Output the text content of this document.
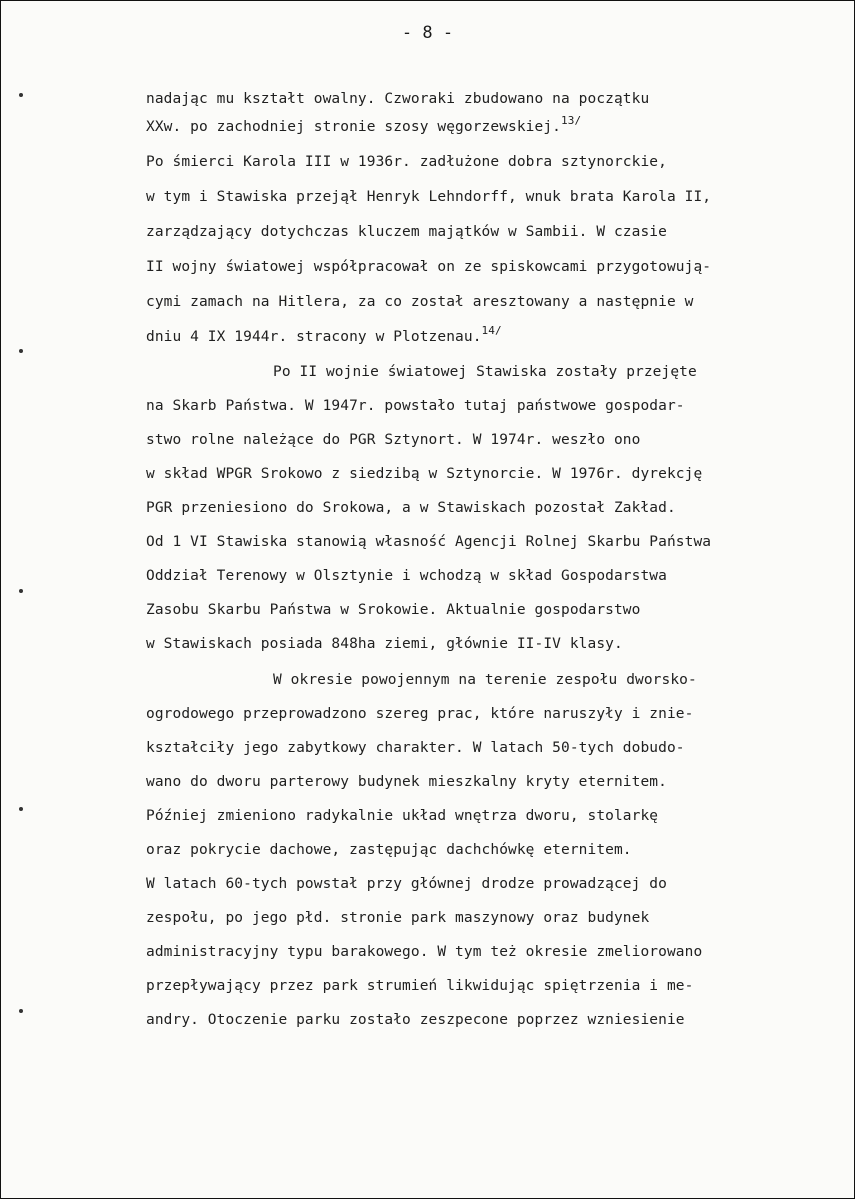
- 8 -
nadając mu kształt owalny. Czworaki zbudowano na początku
XXw. po zachodniej stronie szosy węgorzewskiej.$^{13/}$
Po śmierci Karola III w 1936r. zadłużone dobra sztynorckie,
w tym i Stawiska przejął Henryk Lehndorff, wnuk brata Karola II,
zarządzający dotychczas kluczem majątków w Sambii. W czasie
II wojny światowej współpracował on ze spiskowcami przygotowują-
cymi zamach na Hitlera, za co został aresztowany a następnie w
dniu 4 IX 1944r. stracony w Plotzenau.$^{14/}$
Po II wojnie światowej Stawiska zostały przejęte
na Skarb Państwa. W 1947r. powstało tutaj państwowe gospodar-
stwo rolne należące do PGR Sztynort. W 1974r. weszło ono
w skład WPGR Srokowo z siedzibą w Sztynorcie. W 1976r. dyrekcję
PGR przeniesiono do Srokowa, a w Stawiskach pozostał Zakład.
Od 1 VI Stawiska stanowią własność Agencji Rolnej Skarbu Państwa
Oddział Terenowy w Olsztynie i wchodzą w skład Gospodarstwa
Zasobu Skarbu Państwa w Srokowie. Aktualnie gospodarstwo
w Stawiskach posiada 848ha ziemi, głównie II-IV klasy.
W okresie powojennym na terenie zespołu dworsko-
ogrodowego przeprowadzono szereg prac, które naruszyły i znie-
kształciły jego zabytkowy charakter. W latach 50-tych dobudo-
wano do dworu parterowy budynek mieszkalny kryty eternitem.
Później zmieniono radykalnie układ wnętrza dworu, stolarkę
oraz pokrycie dachowe, zastępując dachchówkę eternitem.
W latach 60-tych powstał przy głównej drodze prowadzącej do
zespołu, po jego płd. stronie park maszynowy oraz budynek
administracyjny typu barakowego. W tym też okresie zmeliorowano
przepływający przez park strumień likwidując spiętrzenia i me-
andry. Otoczenie parku zostało zeszpecone poprzez wzniesienie
